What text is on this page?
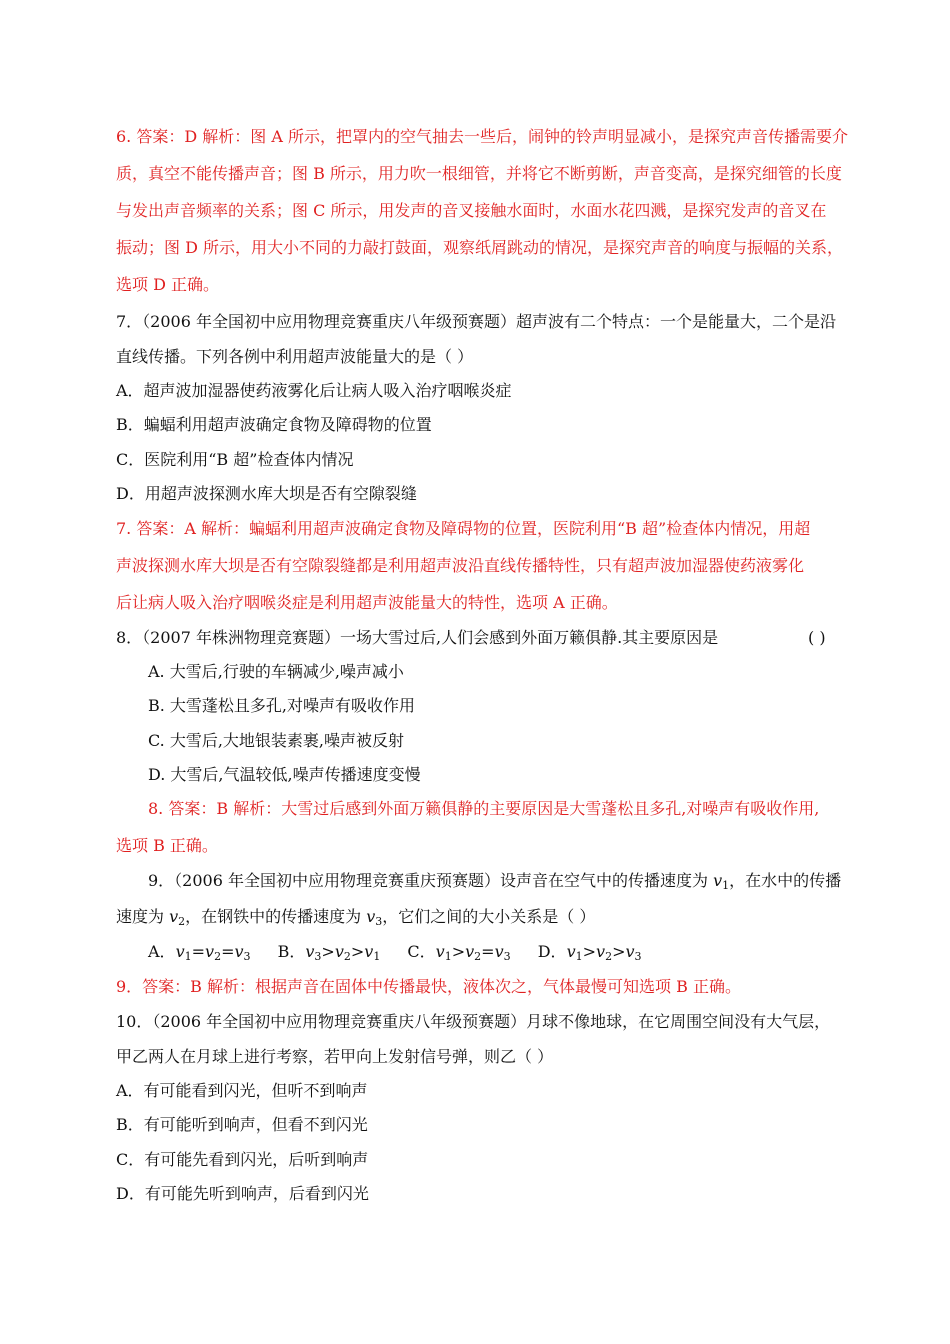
6. 答案：D 解析：图 A 所示，把罩内的空气抽去一些后，闹钟的铃声明显减小，是探究声音传播需要介
质，真空不能传播声音；图 B 所示，用力吹一根细管，并将它不断剪断，声音变高，是探究细管的长度
与发出声音频率的关系；图 C 所示，用发声的音叉接触水面时，水面水花四溅，是探究发声的音叉在
振动；图 D 所示，用大小不同的力敲打鼓面，观察纸屑跳动的情况，是探究声音的响度与振幅的关系，
选项 D 正确。
7．（2006 年全国初中应用物理竞赛重庆八年级预赛题）超声波有二个特点：一个是能量大，二个是沿
直线传播。下列各例中利用超声波能量大的是（ ）
A．超声波加湿器使药液雾化后让病人吸入治疗咽喉炎症
B．蝙蝠利用超声波确定食物及障碍物的位置
C．医院利用“B 超”检查体内情况
D．用超声波探测水库大坝是否有空隙裂缝
7. 答案：A 解析：蝙蝠利用超声波确定食物及障碍物的位置，医院利用“B 超”检查体内情况，用超
声波探测水库大坝是否有空隙裂缝都是利用超声波沿直线传播特性，只有超声波加湿器使药液雾化
后让病人吸入治疗咽喉炎症是利用超声波能量大的特性，选项 A 正确。
8．（2007 年株洲物理竞赛题）一场大雪过后,人们会感到外面万籁俱静.其主要原因是	( )
A. 大雪后,行驶的车辆减少,噪声减小
B. 大雪蓬松且多孔,对噪声有吸收作用
C. 大雪后,大地银装素裹,噪声被反射
D. 大雪后,气温较低,噪声传播速度变慢
8. 答案：B 解析：大雪过后感到外面万籁俱静的主要原因是大雪蓬松且多孔,对噪声有吸收作用,
选项 B 正确。
9．（2006 年全国初中应用物理竞赛重庆预赛题）设声音在空气中的传播速度为 $v_1$，在水中的传播
速度为 $v_2$，在钢铁中的传播速度为 $v_3$，它们之间的大小关系是（ ）
A．$v_1=v_2=v_3$ B．$v_3>v_2>v_1$ C．$v_1>v_2=v_3$ D．$v_1>v_2>v_3$
9．答案：B 解析：根据声音在固体中传播最快，液体次之，气体最慢可知选项 B 正确。
10．（2006 年全国初中应用物理竞赛重庆八年级预赛题）月球不像地球，在它周围空间没有大气层，
甲乙两人在月球上进行考察，若甲向上发射信号弹，则乙（ ）
A．有可能看到闪光，但听不到响声
B．有可能听到响声，但看不到闪光
C．有可能先看到闪光，后听到响声
D．有可能先听到响声，后看到闪光
